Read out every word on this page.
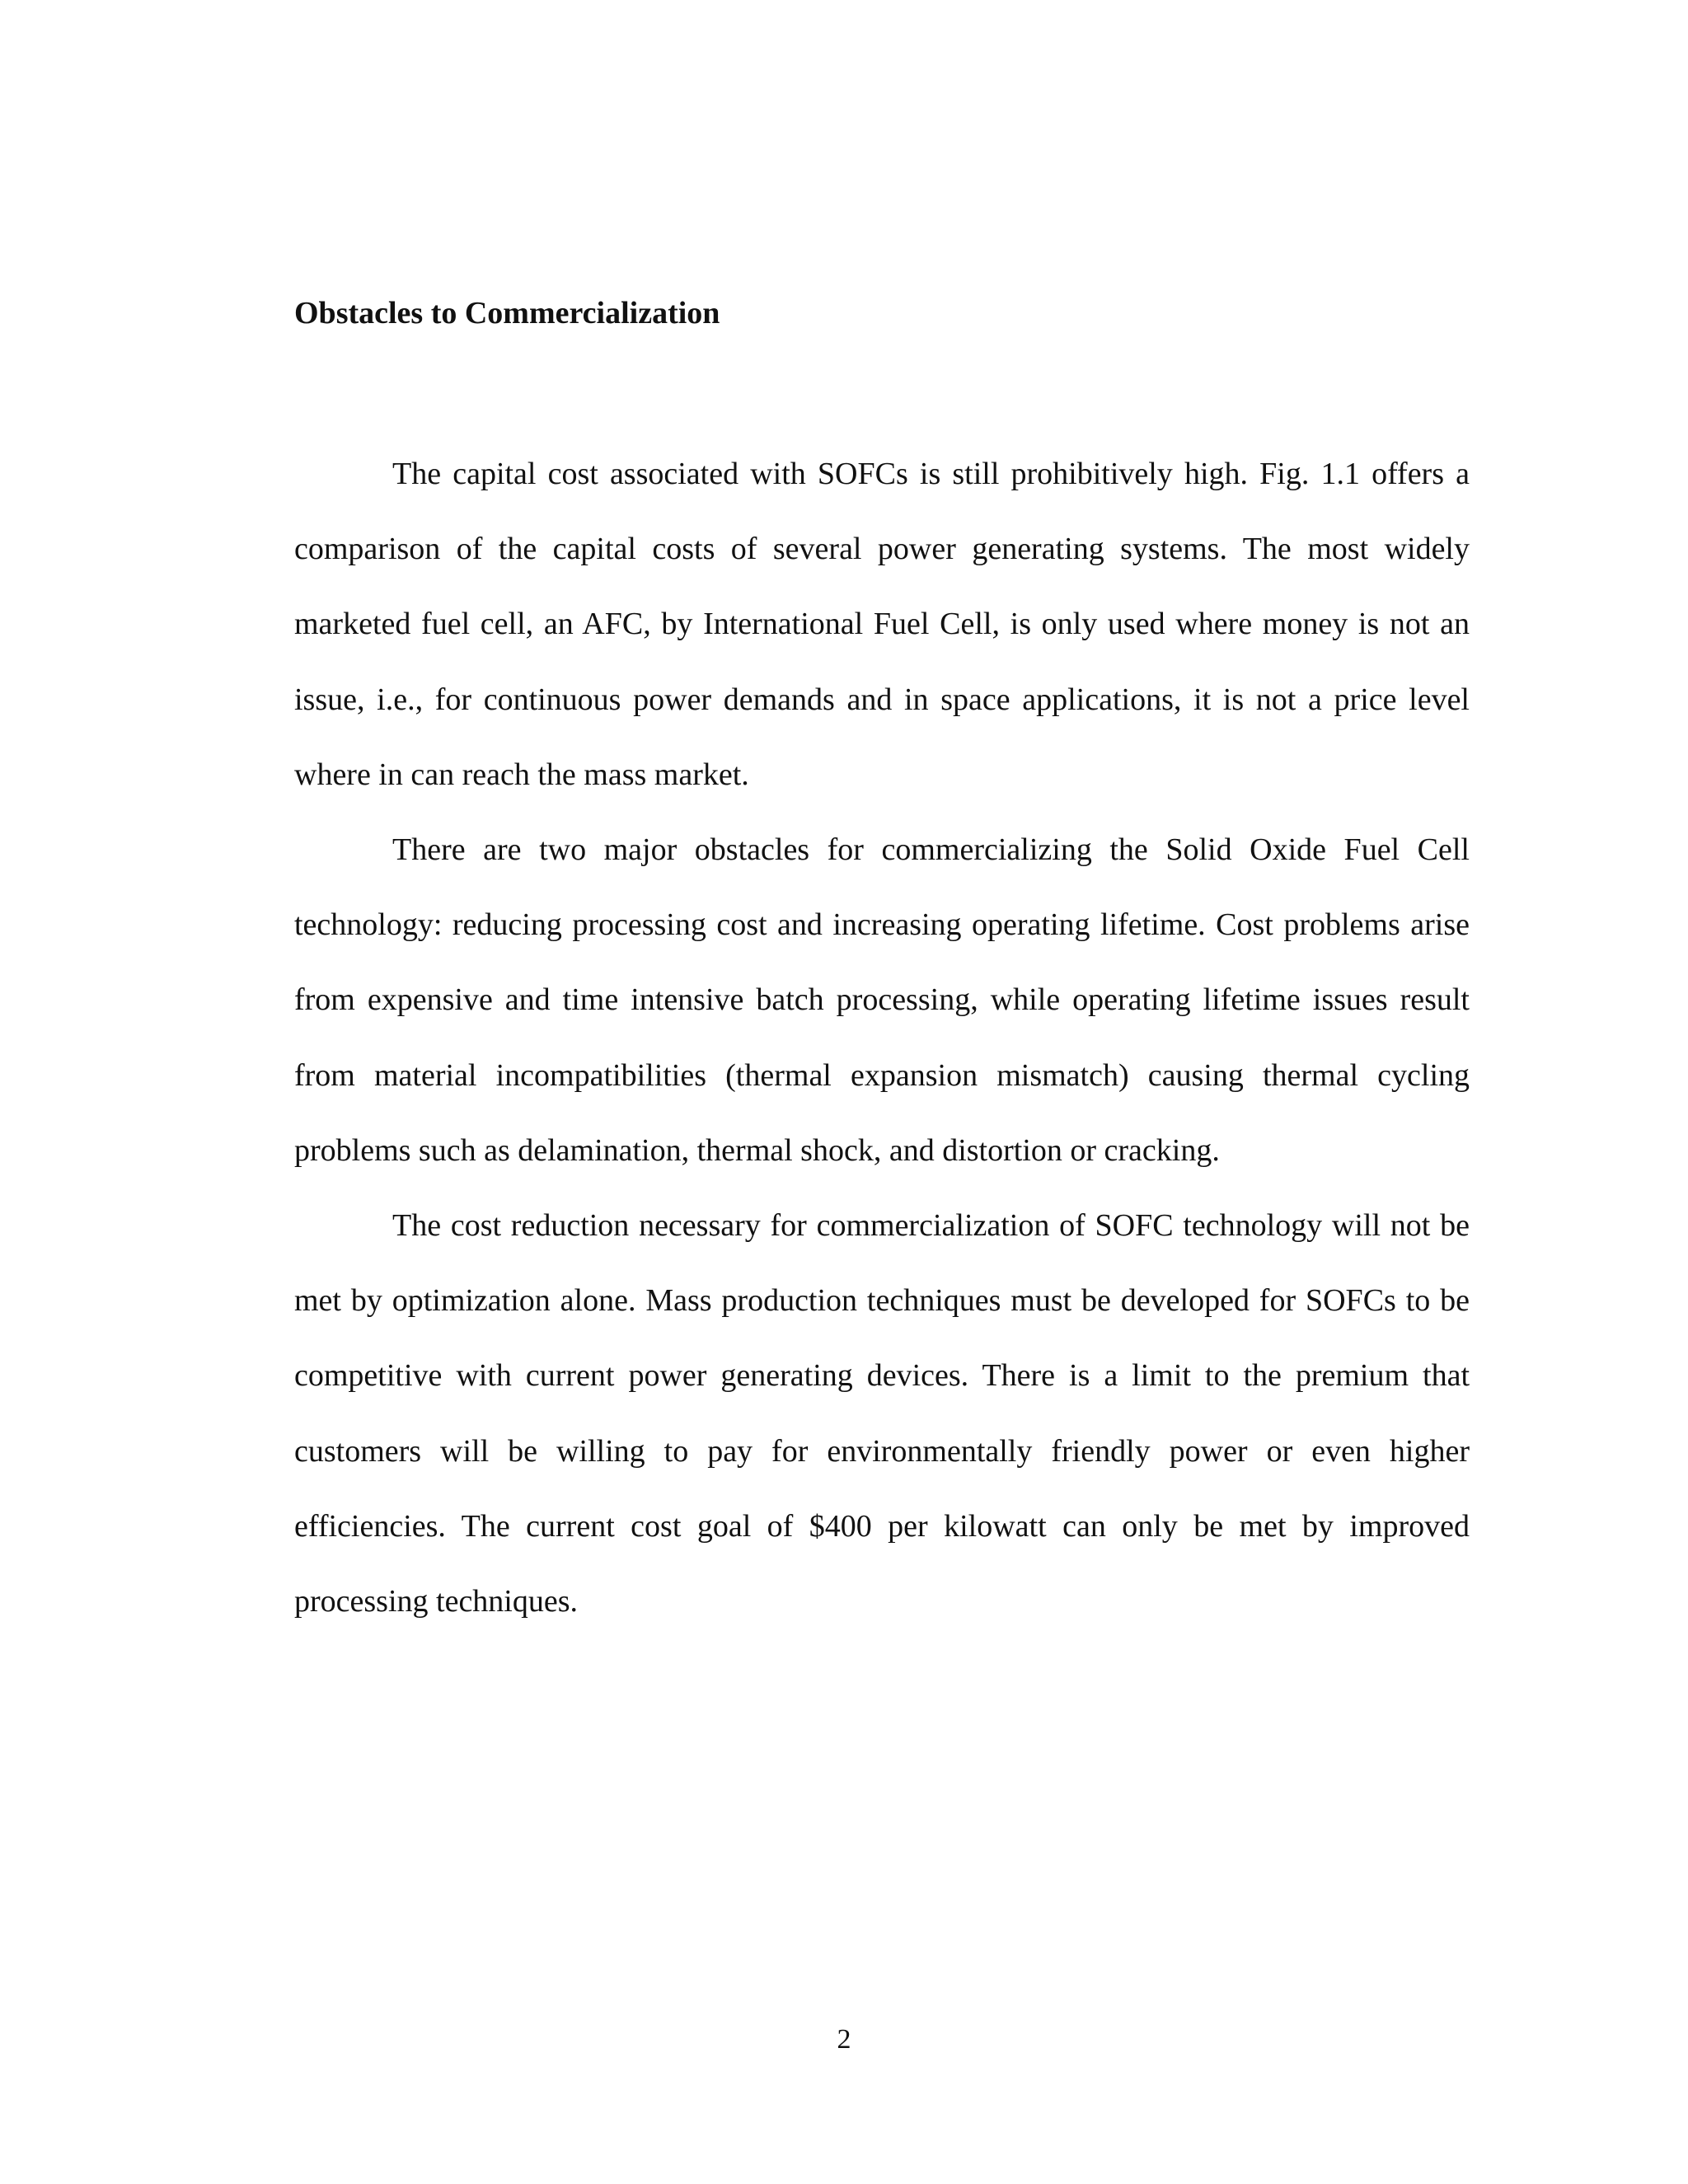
Obstacles to Commercialization

The capital cost associated with SOFCs is still prohibitively high. Fig. 1.1 offers a comparison of the capital costs of several power generating systems. The most widely marketed fuel cell, an AFC, by International Fuel Cell, is only used where money is not an issue, i.e., for continuous power demands and in space applications, it is not a price level where in can reach the mass market.

There are two major obstacles for commercializing the Solid Oxide Fuel Cell technology: reducing processing cost and increasing operating lifetime. Cost problems arise from expensive and time intensive batch processing, while operating lifetime issues result from material incompatibilities (thermal expansion mismatch) causing thermal cycling problems such as delamination, thermal shock, and distortion or cracking.

The cost reduction necessary for commercialization of SOFC technology will not be met by optimization alone. Mass production techniques must be developed for SOFCs to be competitive with current power generating devices. There is a limit to the premium that customers will be willing to pay for environmentally friendly power or even higher efficiencies. The current cost goal of $400 per kilowatt can only be met by improved processing techniques.

2
